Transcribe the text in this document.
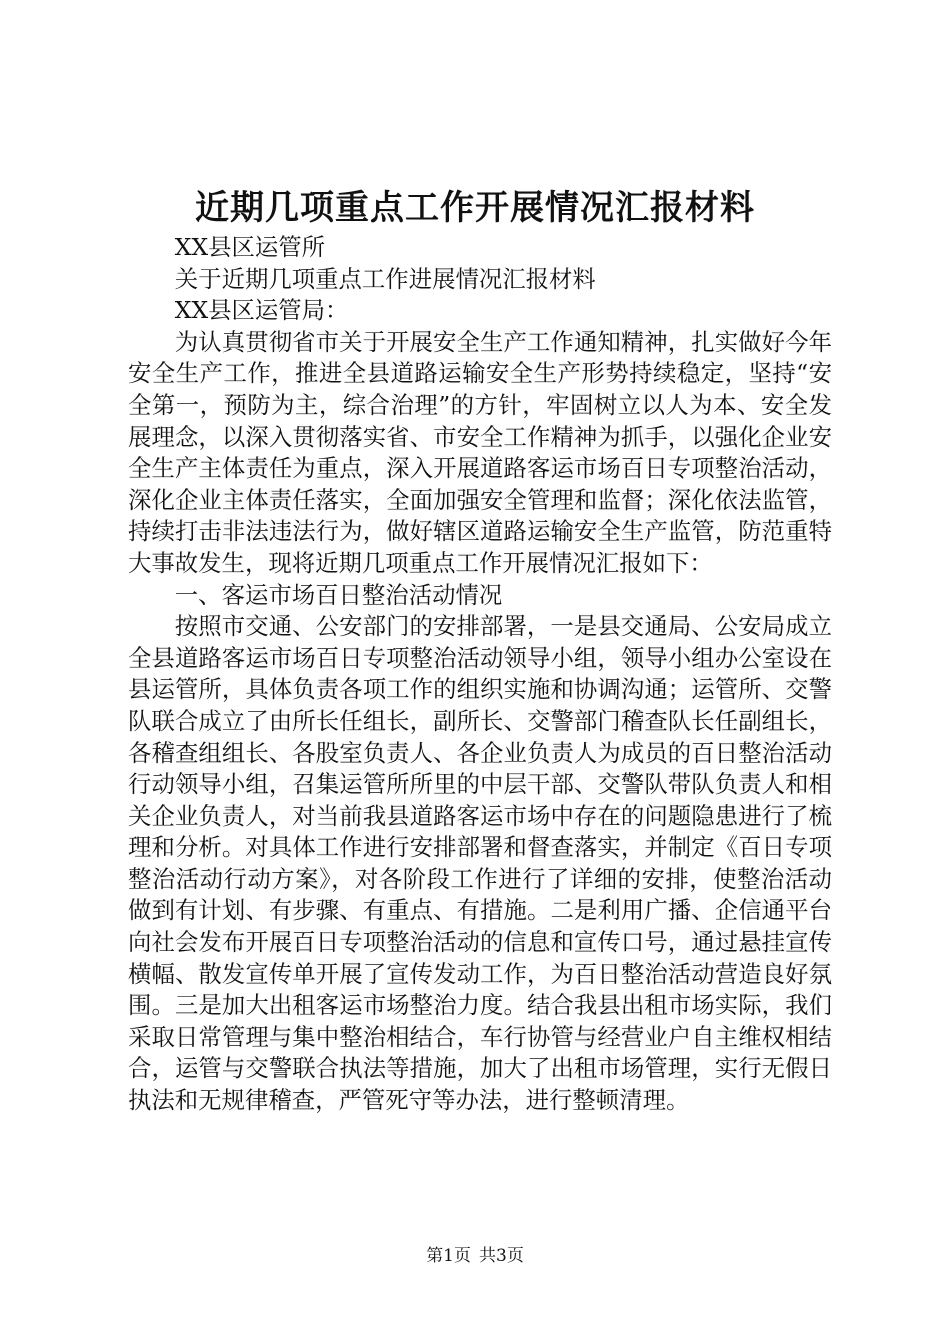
近期几项重点工作开展情况汇报材料

XX县区运管所

关于近期几项重点工作进展情况汇报材料

XX县区运管局：

为认真贯彻省市关于开展安全生产工作通知精神，扎实做好今年安全生产工作，推进全县道路运输安全生产形势持续稳定，坚持“安全第一，预防为主，综合治理”的方针，牢固树立以人为本、安全发展理念，以深入贯彻落实省、市安全工作精神为抓手，以强化企业安全生产主体责任为重点，深入开展道路客运市场百日专项整治活动，深化企业主体责任落实，全面加强安全管理和监督；深化依法监管，持续打击非法违法行为，做好辖区道路运输安全生产监管，防范重特大事故发生，现将近期几项重点工作开展情况汇报如下：

一、客运市场百日整治活动情况

按照市交通、公安部门的安排部署，一是县交通局、公安局成立全县道路客运市场百日专项整治活动领导小组，领导小组办公室设在县运管所，具体负责各项工作的组织实施和协调沟通；运管所、交警队联合成立了由所长任组长，副所长、交警部门稽查队长任副组长，各稽查组组长、各股室负责人、各企业负责人为成员的百日整治活动行动领导小组，召集运管所所里的中层干部、交警队带队负责人和相关企业负责人，对当前我县道路客运市场中存在的问题隐患进行了梳理和分析。对具体工作进行安排部署和督查落实，并制定《百日专项整治活动行动方案》，对各阶段工作进行了详细的安排，使整治活动做到有计划、有步骤、有重点、有措施。二是利用广播、企信通平台向社会发布开展百日专项整治活动的信息和宣传口号，通过悬挂宣传横幅、散发宣传单开展了宣传发动工作，为百日整治活动营造良好氛围。三是加大出租客运市场整治力度。结合我县出租市场实际，我们采取日常管理与集中整治相结合，车行协管与经营业户自主维权相结合，运管与交警联合执法等措施，加大了出租市场管理，实行无假日执法和无规律稽查，严管死守等办法，进行整顿清理。

第1页 共3页
